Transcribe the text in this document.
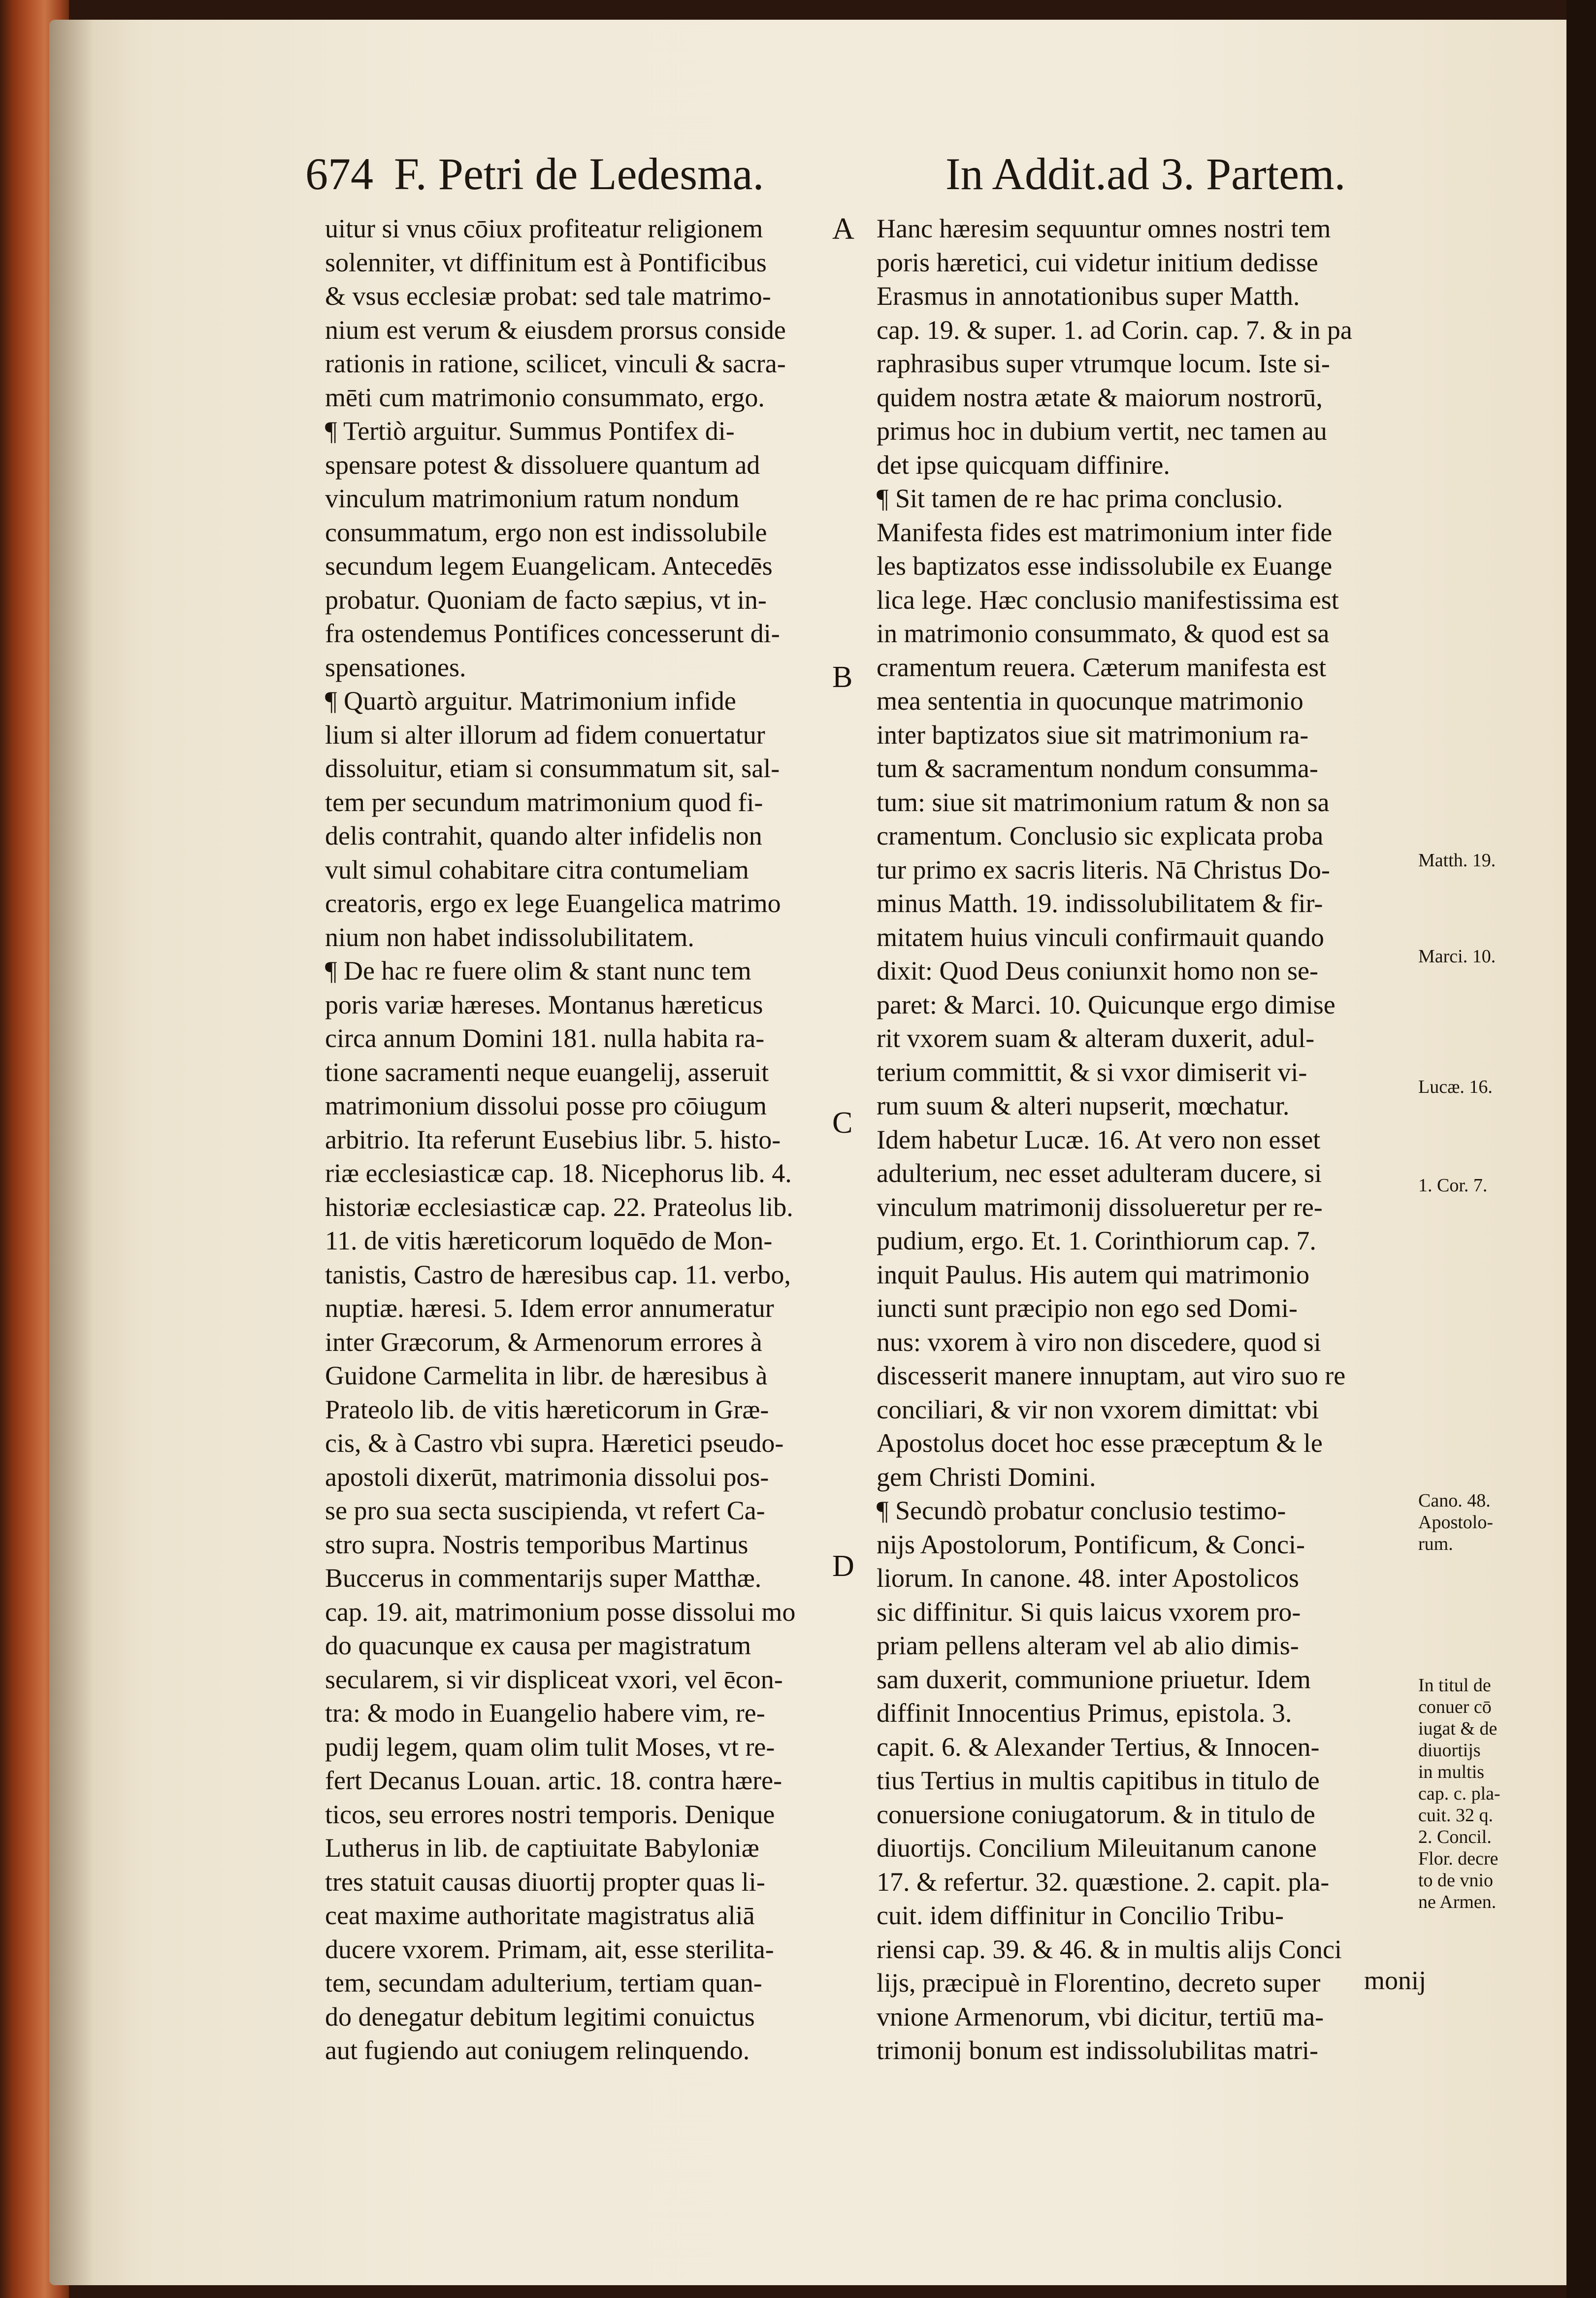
674 F. Petri de Ledesma.	In Addit.ad 3. Partem.
uitur si vnus cōiux profiteatur religionem
solenniter, vt diffinitum est à Pontificibus
& vsus ecclesiæ probat: sed tale matrimo-
nium est verum & eiusdem prorsus conside
rationis in ratione, scilicet, vinculi & sacra-
mēti cum matrimonio consummato, ergo.
¶ Tertiò arguitur. Summus Pontifex di-
spensare potest & dissoluere quantum ad
vinculum matrimonium ratum nondum
consummatum, ergo non est indissolubile
secundum legem Euangelicam. Antecedēs
probatur. Quoniam de facto sæpius, vt in-
fra ostendemus Pontifices concesserunt di-
spensationes.
¶ Quartò arguitur. Matrimonium infide
lium si alter illorum ad fidem conuertatur
dissoluitur, etiam si consummatum sit, sal-
tem per secundum matrimonium quod fi-
delis contrahit, quando alter infidelis non
vult simul cohabitare citra contumeliam
creatoris, ergo ex lege Euangelica matrimo
nium non habet indissolubilitatem.
¶ De hac re fuere olim & stant nunc tem
poris variæ hæreses. Montanus hæreticus
circa annum Domini 181. nulla habita ra-
tione sacramenti neque euangelij, asseruit
matrimonium dissolui posse pro cōiugum
arbitrio. Ita referunt Eusebius libr. 5. histo-
riæ ecclesiasticæ cap. 18. Nicephorus lib. 4.
historiæ ecclesiasticæ cap. 22. Prateolus lib.
11. de vitis hæreticorum loquēdo de Mon-
tanistis, Castro de hæresibus cap. 11. verbo,
nuptiæ. hæresi. 5. Idem error annumeratur
inter Græcorum, & Armenorum errores à
Guidone Carmelita in libr. de hæresibus à
Prateolo lib. de vitis hæreticorum in Græ-
cis, & à Castro vbi supra. Hæretici pseudo-
apostoli dixerūt, matrimonia dissolui pos-
se pro sua secta suscipienda, vt refert Ca-
stro supra. Nostris temporibus Martinus
Buccerus in commentarijs super Matthæ.
cap. 19. ait, matrimonium posse dissolui mo
do quacunque ex causa per magistratum
secularem, si vir displiceat vxori, vel ēcon-
tra: & modo in Euangelio habere vim, re-
pudij legem, quam olim tulit Moses, vt re-
fert Decanus Louan. artic. 18. contra hære-
ticos, seu errores nostri temporis. Denique
Lutherus in lib. de captiuitate Babyloniæ
tres statuit causas diuortij propter quas li-
ceat maxime authoritate magistratus aliā
ducere vxorem. Primam, ait, esse sterilita-
tem, secundam adulterium, tertiam quan-
do denegatur debitum legitimi conuictus
aut fugiendo aut coniugem relinquendo.
Hanc hæresim sequuntur omnes nostri tem
poris hæretici, cui videtur initium dedisse
Erasmus in annotationibus super Matth.
cap. 19. & super. 1. ad Corin. cap. 7. & in pa
raphrasibus super vtrumque locum. Iste si-
quidem nostra ætate & maiorum nostrorū,
primus hoc in dubium vertit, nec tamen au
det ipse quicquam diffinire.
¶ Sit tamen de re hac prima conclusio.
Manifesta fides est matrimonium inter fide
les baptizatos esse indissolubile ex Euange
lica lege. Hæc conclusio manifestissima est
in matrimonio consummato, & quod est sa
cramentum reuera. Cæterum manifesta est
mea sententia in quocunque matrimonio
inter baptizatos siue sit matrimonium ra-
tum & sacramentum nondum consumma-
tum: siue sit matrimonium ratum & non sa
cramentum. Conclusio sic explicata proba
tur primo ex sacris literis. Nā Christus Do-
minus Matth. 19. indissolubilitatem & fir-
mitatem huius vinculi confirmauit quando
dixit: Quod Deus coniunxit homo non se-
paret: & Marci. 10. Quicunque ergo dimise
rit vxorem suam & alteram duxerit, adul-
terium committit, & si vxor dimiserit vi-
rum suum & alteri nupserit, mœchatur.
Idem habetur Lucæ. 16. At vero non esset
adulterium, nec esset adulteram ducere, si
vinculum matrimonij dissolueretur per re-
pudium, ergo. Et. 1. Corinthiorum cap. 7.
inquit Paulus. His autem qui matrimonio
iuncti sunt præcipio non ego sed Domi-
nus: vxorem à viro non discedere, quod si
discesserit manere innuptam, aut viro suo re
conciliari, & vir non vxorem dimittat: vbi
Apostolus docet hoc esse præceptum & le
gem Christi Domini.
¶ Secundò probatur conclusio testimo-
nijs Apostolorum, Pontificum, & Conci-
liorum. In canone. 48. inter Apostolicos
sic diffinitur. Si quis laicus vxorem pro-
priam pellens alteram vel ab alio dimis-
sam duxerit, communione priuetur. Idem
diffinit Innocentius Primus, epistola. 3.
capit. 6. & Alexander Tertius, & Innocen-
tius Tertius in multis capitibus in titulo de
conuersione coniugatorum. & in titulo de
diuortijs. Concilium Mileuitanum canone
17. & refertur. 32. quæstione. 2. capit. pla-
cuit. idem diffinitur in Concilio Tribu-
riensi cap. 39. & 46. & in multis alijs Conci
lijs, præcipuè in Florentino, decreto super
vnione Armenorum, vbi dicitur, tertiū ma-
trimonij bonum est indissolubilitas matri-
A
B
C
D
Matth. 19.
Marci. 10.
Lucæ. 16.
1. Cor. 7.
Cano. 48.
Apostolo-
rum.
In titul de
conuer cō
iugat & de
diuortijs
in multis
cap. c. pla-
cuit. 32 q.
2. Concil.
Flor. decre
to de vnio
ne Armen.
monij
